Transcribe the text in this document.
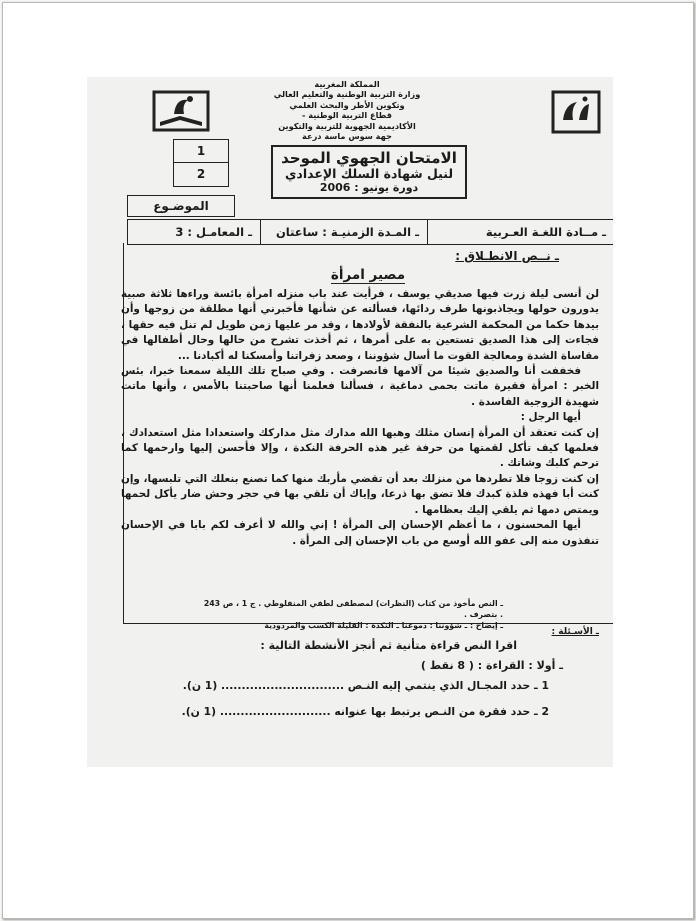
المملكة المغربية
وزارة التربية الوطنية والتعليم العالي
وتكوين الأطر والبحث العلمي
قطاع التربية الوطنية -
الأكاديمية الجهوية للتربية والتكوين
جهة سوس ماسة درعة
1
2
الامتحان الجهوي الموحد
لنيل شهادة السلك الإعدادي
دورة يونيو : 2006
الموضـوع
ـ مــادة اللغـة العـربية
ـ المـدة الزمنيـة : ساعتان
ـ المعامـل : 3
ـ نــص الانطـلاق :
مصير امرأة

لن أنسى ليلة زرت فيها صديقي يوسف ، فرأيت عند باب منزله امرأة بائسة وراءها ثلاثة صبية يدورون حولها ويجاذبونها طرف ردائها، فسألته عن شأنها فأخبرني أنها مطلقة من زوجها وأن بيدها حكما من المحكمة الشرعية بالنفقة لأولادها ، وقد مر عليها زمن طويل لم تنل فيه حقها ، فجاءت إلى هذا الصديق تستعين به على أمرها ، ثم أخذت تشرح من حالها وحال أطفالها في مقاساة الشدة ومعالجة القوت ما أسال شؤوننا ، وصعد زفراتنا وأمسكنا له أكبادنا ...

فخففت أنا والصديق شيئا من آلامها فانصرفت . وفي صباح تلك الليلة سمعنا خبرا، بئس الخبر : امرأة فقيرة ماتت بحمى دماغية ، فسألنا فعلمنا أنها صاحبتنا بالأمس ، وأنها ماتت شهيدة الزوجية الفاسدة .

أيها الرجل :

إن كنت تعتقد أن المرأة إنسان مثلك وهبها الله مدارك مثل مداركك واستعدادا مثل استعدادك ، فعلمها كيف تأكل لقمتها من حرفة غير هذه الحرفة النكدة ، وإلا فأحسن إليها وارحمها كما ترحم كلبك وشاتك .

إن كنت زوجا فلا تطردها من منزلك بعد أن تقضي مأربك منها كما تصنع بنعلك التي تلبسها، وإن كنت أبا فهذه فلذة كبدك فلا تضق بها ذرعا، وإياك أن تلقي بها في حجر وحش ضار يأكل لحمها ويمتص دمها ثم يلقي إليك بعظامها .

أيها المحسنون ، ما أعظم الإحسان إلى المرأة ! إني والله لا أعرف لكم بابا في الإحسان تنفذون منه إلى عفو الله أوسع من باب الإحسان إلى المرأة .

ـ النص مأخوذ من كتاب (النظرات) لمصطفى لطفي المنفلوطي . ج 1 ، ص 243 . بتصرف .
ـ إيضاح : ـ شؤوننا : دموعنا ـ النكدة : القليلة الكسب والمردودية
ـ الأسـئلة :
اقرا النص قراءة متأنية ثم أنجز الأنشطة التالية :
ـ أولا : القراءة : ( 8 نقط )
1 ـ حدد المجـال الذي ينتمي إليه النـص .............................. (1 ن).
2 ـ حدد فقرة من النـص يرتبط بها عنوانه ........................... (1 ن).
